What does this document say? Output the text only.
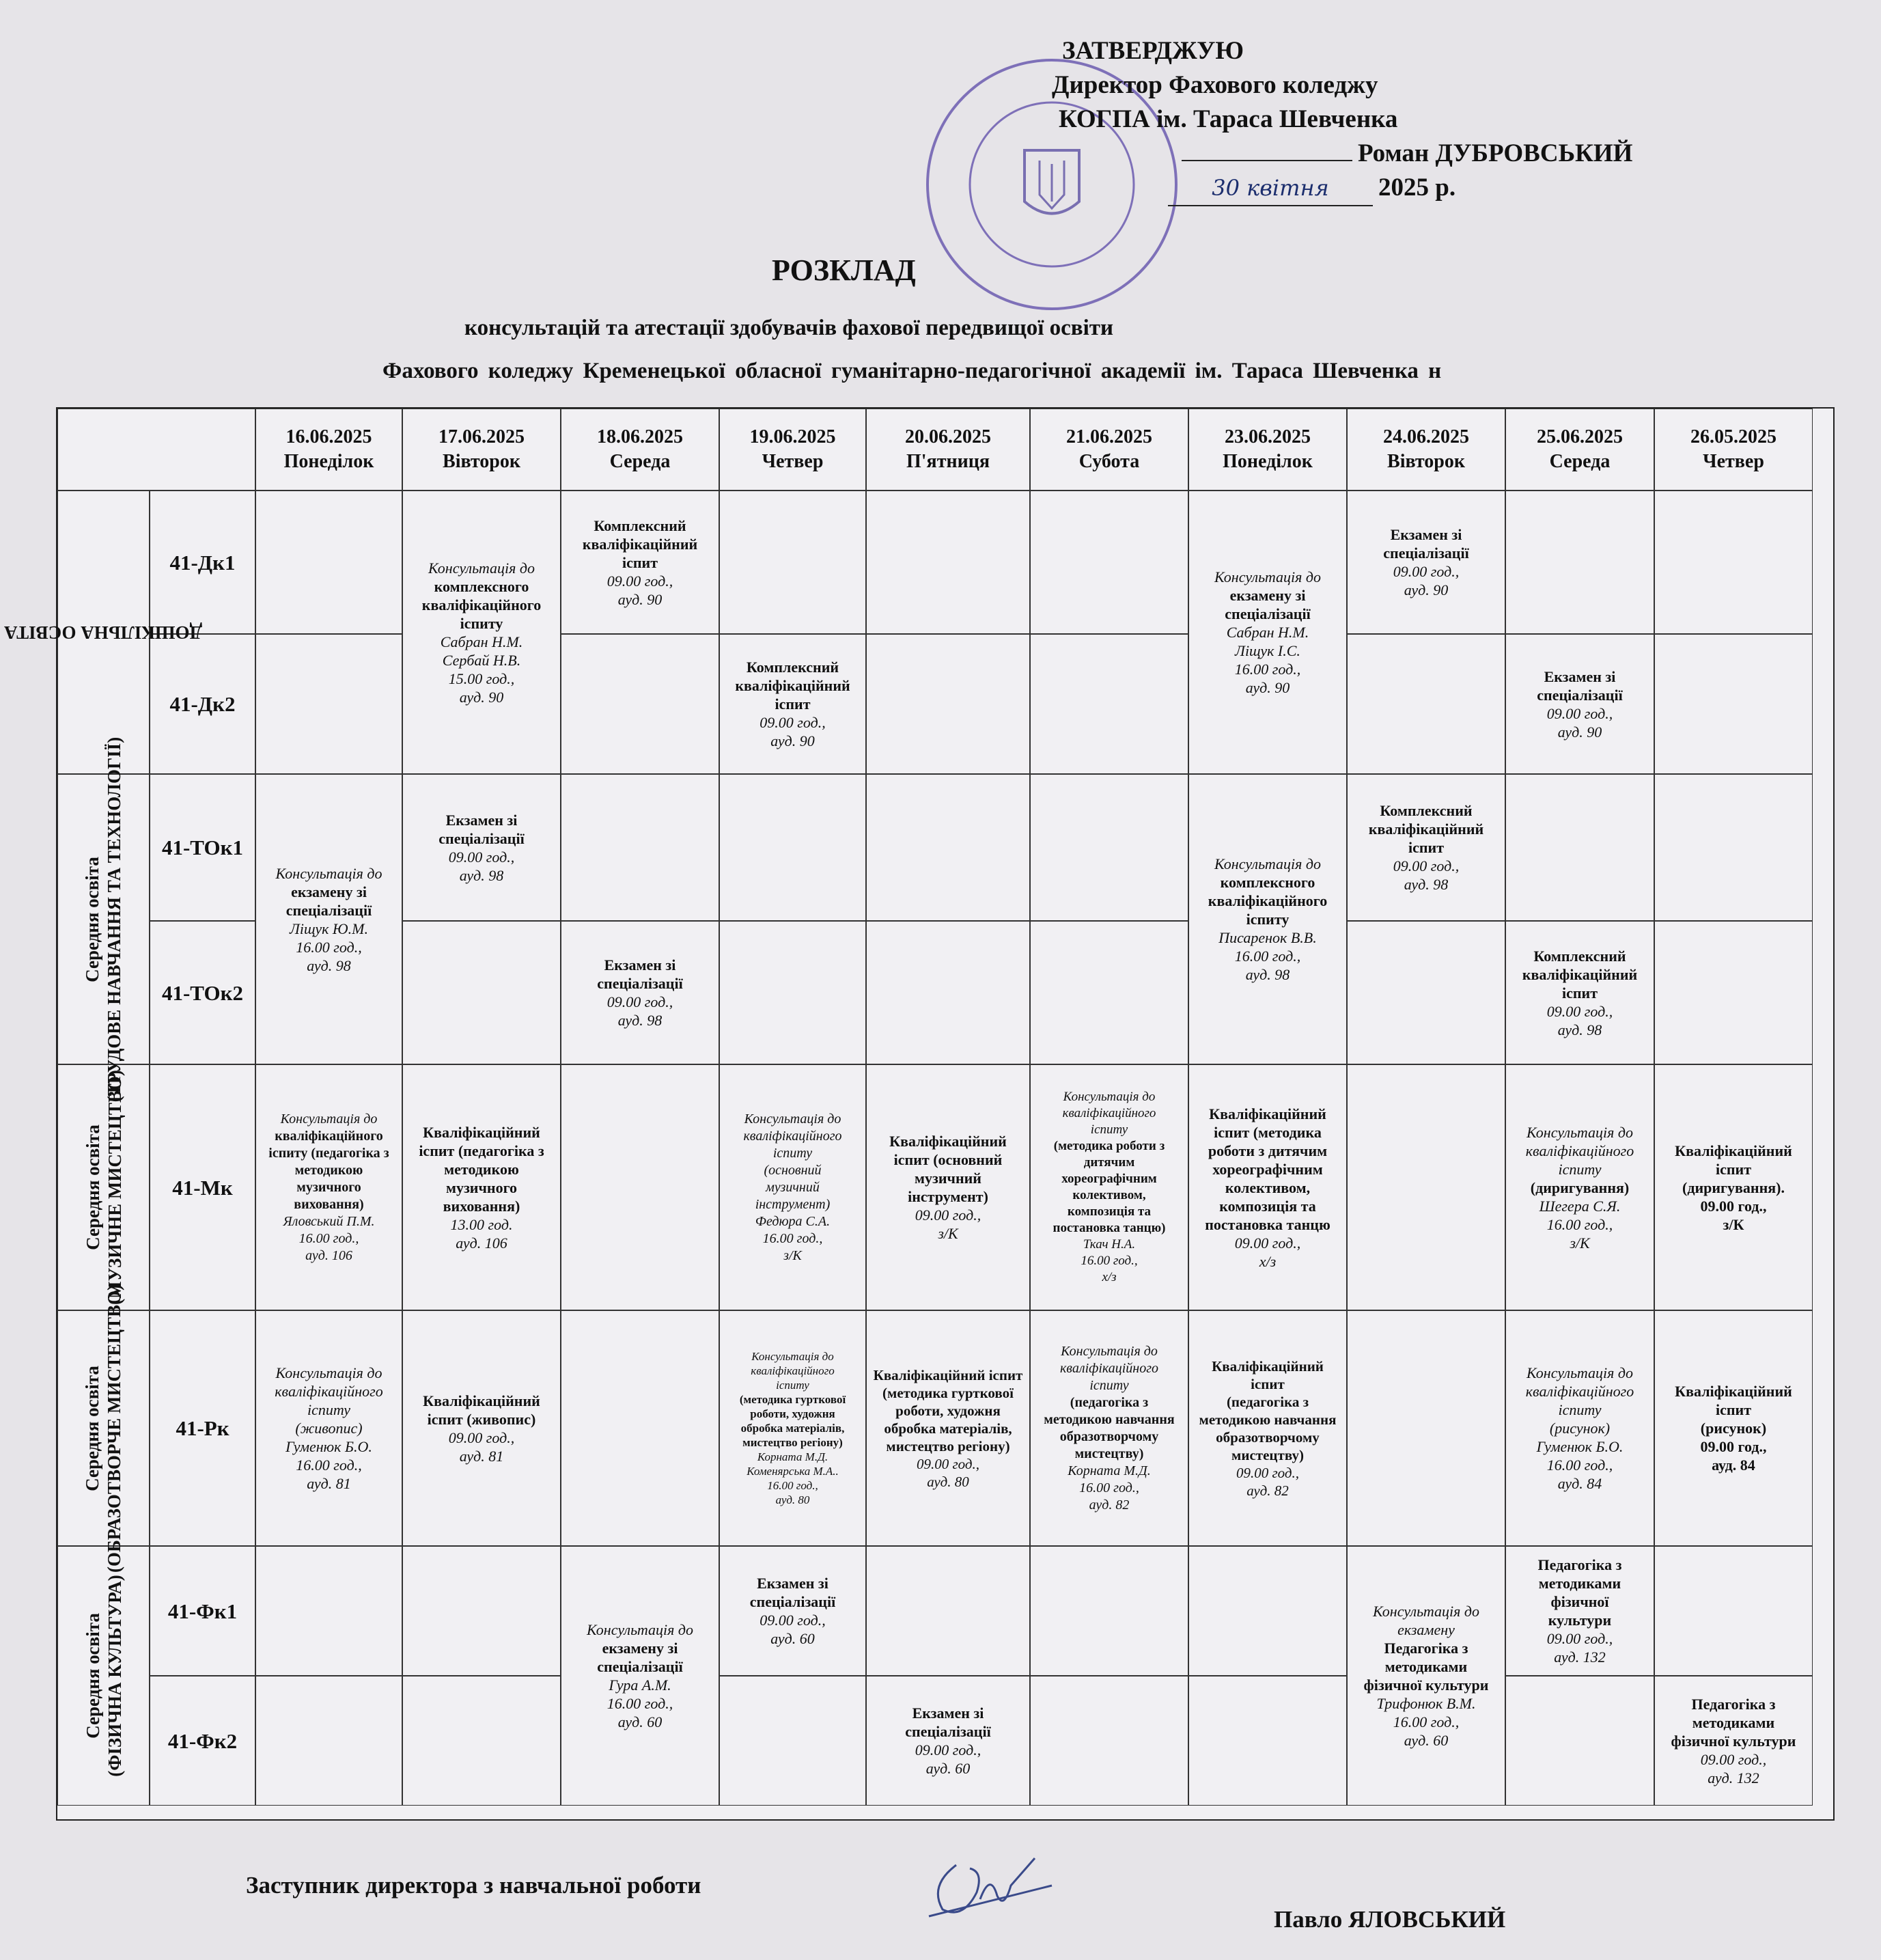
ЗАТВЕРДЖУЮ
Директор Фахового коледжу
КОГПА ім. Тараса Шевченка
Роман ДУБРОВСЬКИЙ
30 квітня 2025 р.
РОЗКЛАД
консультацій та атестації здобувачів фахової передвищої освіти
Фахового коледжу Кременецької обласної гуманітарно-педагогічної академії ім. Тараса Шевченка н
16.06.2025
Понеділок
17.06.2025
Вівторок
18.06.2025
Середа
19.06.2025
Четвер
20.06.2025
П'ятниця
21.06.2025
Субота
23.06.2025
Понеділок
24.06.2025
Вівторок
25.06.2025
Середа
26.05.2025
Четвер
ДОШКІЛЬНА ОСВІТА
Середня освіта (ТРУДОВЕ НАВЧАННЯ ТА ТЕХНОЛОГІЇ)
Середня освіта (МУЗИЧНЕ МИСТЕЦТВО)
Середня освіта (ОБРАЗОТВОРЧЕ МИСТЕЦТВО)
Середня освіта (ФІЗИЧНА КУЛЬТУРА)
41-Дк1
41-Дк2
41-ТОк1
41-ТОк2
41-Мк
41-Рк
41-Фк1
41-Фк2
Консультація до
комплексного
кваліфікаційного
іспиту
Сабран Н.М.
Сербай Н.В.
15.00 год.,
ауд. 90
Комплексний
кваліфікаційний
іспит
09.00 год.,
ауд. 90
Комплексний
кваліфікаційний
іспит
09.00 год.,
ауд. 90
Консультація до
екзамену зі
спеціалізації
Сабран Н.М.
Ліщук І.С.
16.00 год.,
ауд. 90
Екзамен зі
спеціалізації
09.00 год.,
ауд. 90
Екзамен зі
спеціалізації
09.00 год.,
ауд. 90
Консультація до
екзамену зі
спеціалізації
Ліщук Ю.М.
16.00 год.,
ауд. 98
Екзамен зі
спеціалізації
09.00 год.,
ауд. 98
Екзамен зі
спеціалізації
09.00 год.,
ауд. 98
Консультація до
комплексного
кваліфікаційного
іспиту
Писаренок В.В.
16.00 год.,
ауд. 98
Комплексний
кваліфікаційний
іспит
09.00 год.,
ауд. 98
Комплексний
кваліфікаційний
іспит
09.00 год.,
ауд. 98
Консультація до
кваліфікаційного
іспиту (педагогіка з
методикою
музичного
виховання)
Яловський П.М.
16.00 год.,
ауд. 106
Кваліфікаційний
іспит (педагогіка з
методикою
музичного
виховання)
13.00 год.
ауд. 106
Консультація до
кваліфікаційного
іспиту
(основний
музичний
інструмент)
Федюра С.А.
16.00 год.,
з/К
Кваліфікаційний
іспит (основний
музичний
інструмент)
09.00 год.,
з/К
Консультація до
кваліфікаційного
іспиту
(методика роботи з
дитячим
хореографічним
колективом,
композиція та
постановка танцю)
Ткач Н.А.
16.00 год.,
х/з
Кваліфікаційний
іспит (методика
роботи з дитячим
хореографічним
колективом,
композиція та
постановка танцю
09.00 год.,
х/з
Консультація до
кваліфікаційного
іспиту
(диригування)
Шегера С.Я.
16.00 год.,
з/К
Кваліфікаційний
іспит
(диригування).
09.00 год.,
з/К
Консультація до
кваліфікаційного
іспиту
(живопис)
Гуменюк Б.О.
16.00 год.,
ауд. 81
Кваліфікаційний
іспит (живопис)
09.00 год.,
ауд. 81
Консультація до
кваліфікаційного
іспиту
(методика гурткової
роботи, художня
обробка матеріалів,
мистецтво регіону)
Корната М.Д.
Коменярська М.А..
16.00 год.,
ауд. 80
Кваліфікаційний іспит
(методика гурткової
роботи, художня
обробка матеріалів,
мистецтво регіону)
09.00 год.,
ауд. 80
Консультація до
кваліфікаційного
іспиту
(педагогіка з
методикою навчання
образотворчому
мистецтву)
Корната М.Д.
16.00 год.,
ауд. 82
Кваліфікаційний
іспит
(педагогіка з
методикою навчання
образотворчому
мистецтву)
09.00 год.,
ауд. 82
Консультація до
кваліфікаційного
іспиту
(рисунок)
Гуменюк Б.О.
16.00 год.,
ауд. 84
Кваліфікаційний
іспит
(рисунок)
09.00 год.,
ауд. 84
Консультація до
екзамену зі
спеціалізації
Гура А.М.
16.00 год.,
ауд. 60
Екзамен зі
спеціалізації
09.00 год.,
ауд. 60
Екзамен зі
спеціалізації
09.00 год.,
ауд. 60
Консультація до
екзамену
Педагогіка з
методиками
фізичної культури
Трифонюк В.М.
16.00 год.,
ауд. 60
Педагогіка з
методиками
фізичної
культури
09.00 год.,
ауд. 132
Педагогіка з
методиками
фізичної культури
09.00 год.,
ауд. 132
Заступник директора з навчальної роботи
Павло ЯЛОВСЬКИЙ
